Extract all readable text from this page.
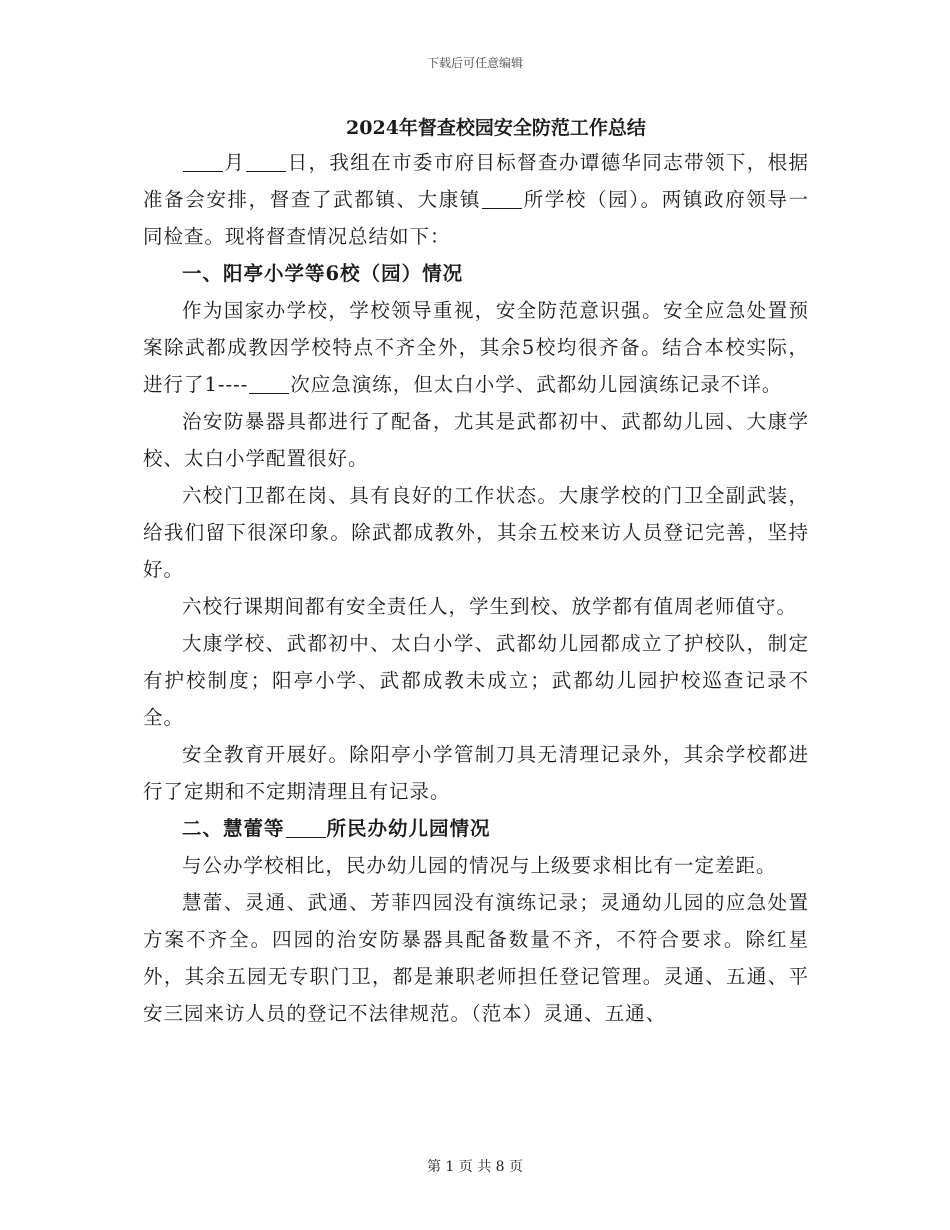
下载后可任意编辑
2024年督查校园安全防范工作总结

月 日，我组在市委市府目标督查办谭德华同志带领下，根据准备会安排，督查了武都镇、大康镇 所学校（园）。两镇政府领导一同检查。现将督查情况总结如下：

一、阳亭小学等6校（园）情况

作为国家办学校，学校领导重视，安全防范意识强。安全应急处置预案除武都成教因学校特点不齐全外，其余5校均很齐备。结合本校实际，进行了1---- 次应急演练，但太白小学、武都幼儿园演练记录不详。

治安防暴器具都进行了配备，尤其是武都初中、武都幼儿园、大康学校、太白小学配置很好。

六校门卫都在岗、具有良好的工作状态。大康学校的门卫全副武装，给我们留下很深印象。除武都成教外，其余五校来访人员登记完善，坚持好。

六校行课期间都有安全责任人，学生到校、放学都有值周老师值守。

大康学校、武都初中、太白小学、武都幼儿园都成立了护校队，制定有护校制度；阳亭小学、武都成教未成立；武都幼儿园护校巡查记录不全。

安全教育开展好。除阳亭小学管制刀具无清理记录外，其余学校都进行了定期和不定期清理且有记录。

二、慧蕾等 所民办幼儿园情况

与公办学校相比，民办幼儿园的情况与上级要求相比有一定差距。

慧蕾、灵通、武通、芳菲四园没有演练记录；灵通幼儿园的应急处置方案不齐全。四园的治安防暴器具配备数量不齐，不符合要求。除红星外，其余五园无专职门卫，都是兼职老师担任登记管理。灵通、五通、平安三园来访人员的登记不法律规范。（范本）灵通、五通、

第 1 页 共 8 页
